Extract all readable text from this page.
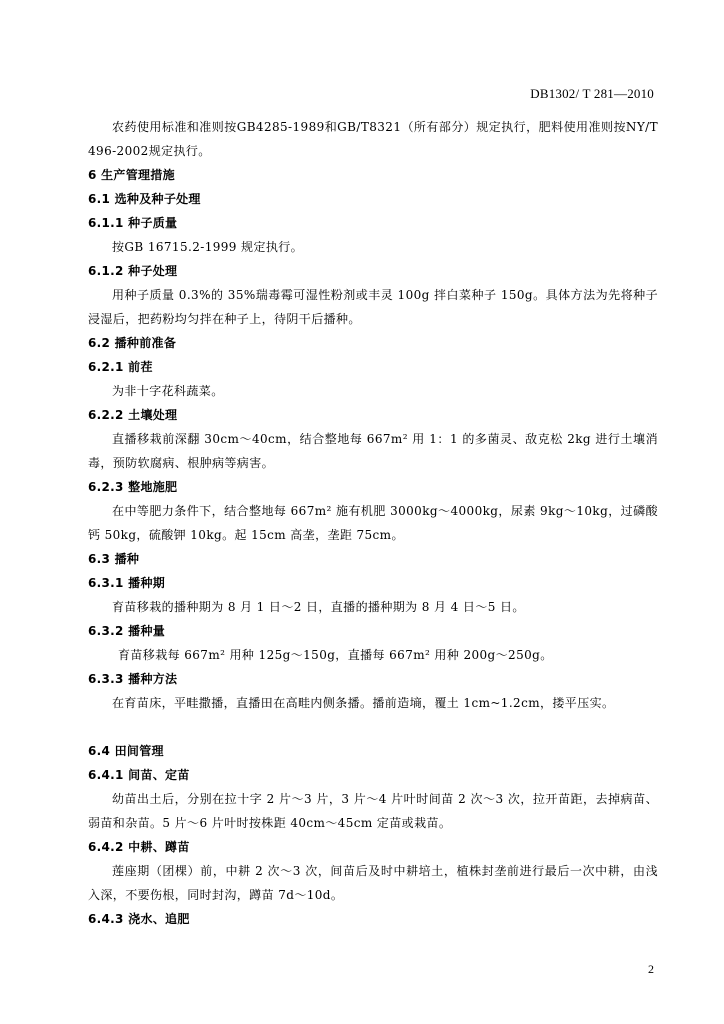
DB1302/ T 281—2010

农药使用标准和准则按GB4285-1989和GB/T8321（所有部分）规定执行，肥料使用准则按NY/T 496-2002规定执行。

6 生产管理措施

6.1 选种及种子处理

6.1.1 种子质量

按GB 16715.2-1999 规定执行。

6.1.2 种子处理

用种子质量 0.3%的 35%瑞毒霉可湿性粉剂或丰灵 100g 拌白菜种子 150g。具体方法为先将种子浸湿后，把药粉均匀拌在种子上，待阴干后播种。

6.2 播种前准备

6.2.1 前茬

为非十字花科蔬菜。

6.2.2 土壤处理

直播移栽前深翻 30cm～40cm，结合整地每 667m² 用 1：1 的多菌灵、敌克松 2kg 进行土壤消毒，预防软腐病、根肿病等病害。

6.2.3 整地施肥

在中等肥力条件下，结合整地每 667m² 施有机肥 3000kg～4000kg，尿素 9kg～10kg，过磷酸钙 50kg，硫酸钾 10kg。起 15cm 高垄，垄距 75cm。

6.3 播种

6.3.1 播种期

育苗移栽的播种期为 8 月 1 日～2 日，直播的播种期为 8 月 4 日～5 日。

6.3.2 播种量

育苗移栽每 667m² 用种 125g～150g，直播每 667m² 用种 200g～250g。

6.3.3 播种方法

在育苗床，平畦撒播，直播田在高畦内侧条播。播前造墒，覆土 1cm~1.2cm，搂平压实。

6.4 田间管理

6.4.1 间苗、定苗

幼苗出土后，分别在拉十字 2 片～3 片，3 片～4 片叶时间苗 2 次～3 次，拉开苗距，去掉病苗、弱苗和杂苗。5 片～6 片叶时按株距 40cm～45cm 定苗或栽苗。

6.4.2 中耕、蹲苗

莲座期（团棵）前，中耕 2 次～3 次，间苗后及时中耕培土，植株封垄前进行最后一次中耕，由浅入深，不要伤根，同时封沟，蹲苗 7d～10d。

6.4.3 浇水、追肥

2
